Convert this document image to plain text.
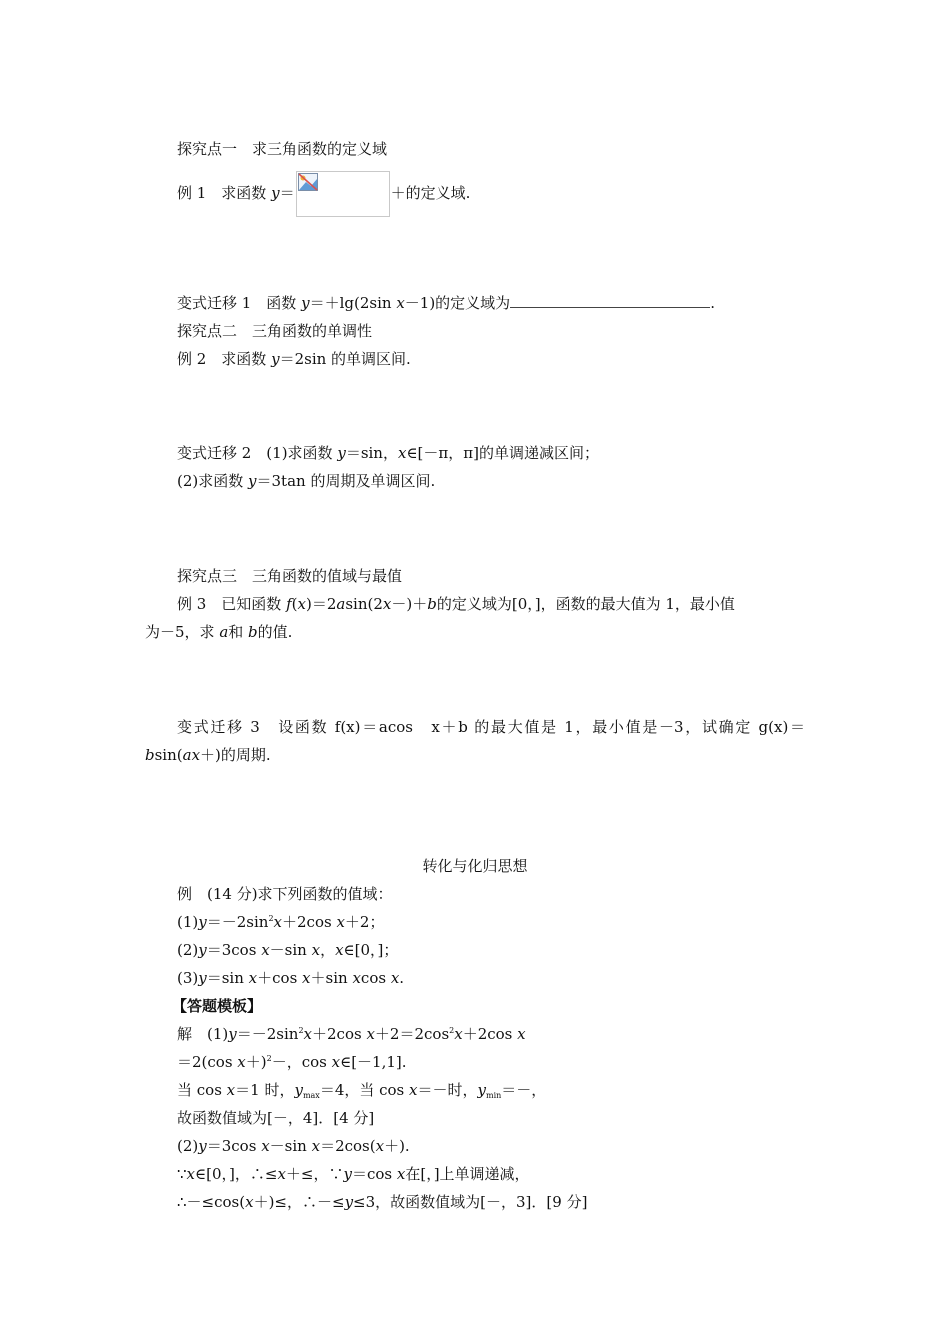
探究点一　求三角函数的定义域
例 1　求函数 y＝	＋的定义域.
变式迁移 1　函数 y＝＋lg(2sin x－1)的定义域为	.
探究点二　三角函数的单调性
例 2　求函数 y＝2sin 的单调区间.
变式迁移 2　(1)求函数 y＝sin，x∈[－π，π]的单调递减区间；
(2)求函数 y＝3tan 的周期及单调区间.
探究点三　三角函数的值域与最值
例 3　已知函数 f(x)＝2asin(2x－)＋b的定义域为[0，]，函数的最大值为 1，最小值
为－5，求 a和 b的值.
变式迁移 3　设函数 f(x)＝acos　x＋b 的最大值是 1，最小值是－3，试确定 g(x)＝
bsin(ax＋)的周期.
转化与化归思想
例　(14 分)求下列函数的值域：
$(1)y=-2\sin^2x+2\cos$ x＋2；
(2)y＝3cos x－sin x，x∈[0，]；
(3)y＝sin x＋cos x＋sin xcos x.
【答题模板】
解　$(1)y=-2\sin^2x+2\cos$ $x+2=2\cos^2x+2\cos$ x
＝2(cos x＋)$^2$－，cos x∈[－1,1].
当 cos x＝1 时，$y_{max}=4$，当 cos x＝－时，$y_{min}=-$，
故函数值域为[－，4]．[4 分]
(2)y＝3cos x－sin x＝2cos(x＋).
∵x∈[0，]，∴≤x＋≤，∵y＝cos x在[，]上单调递减，
∴－≤cos(x＋)≤，∴－≤y≤3，故函数值域为[－，3]．[9 分]
